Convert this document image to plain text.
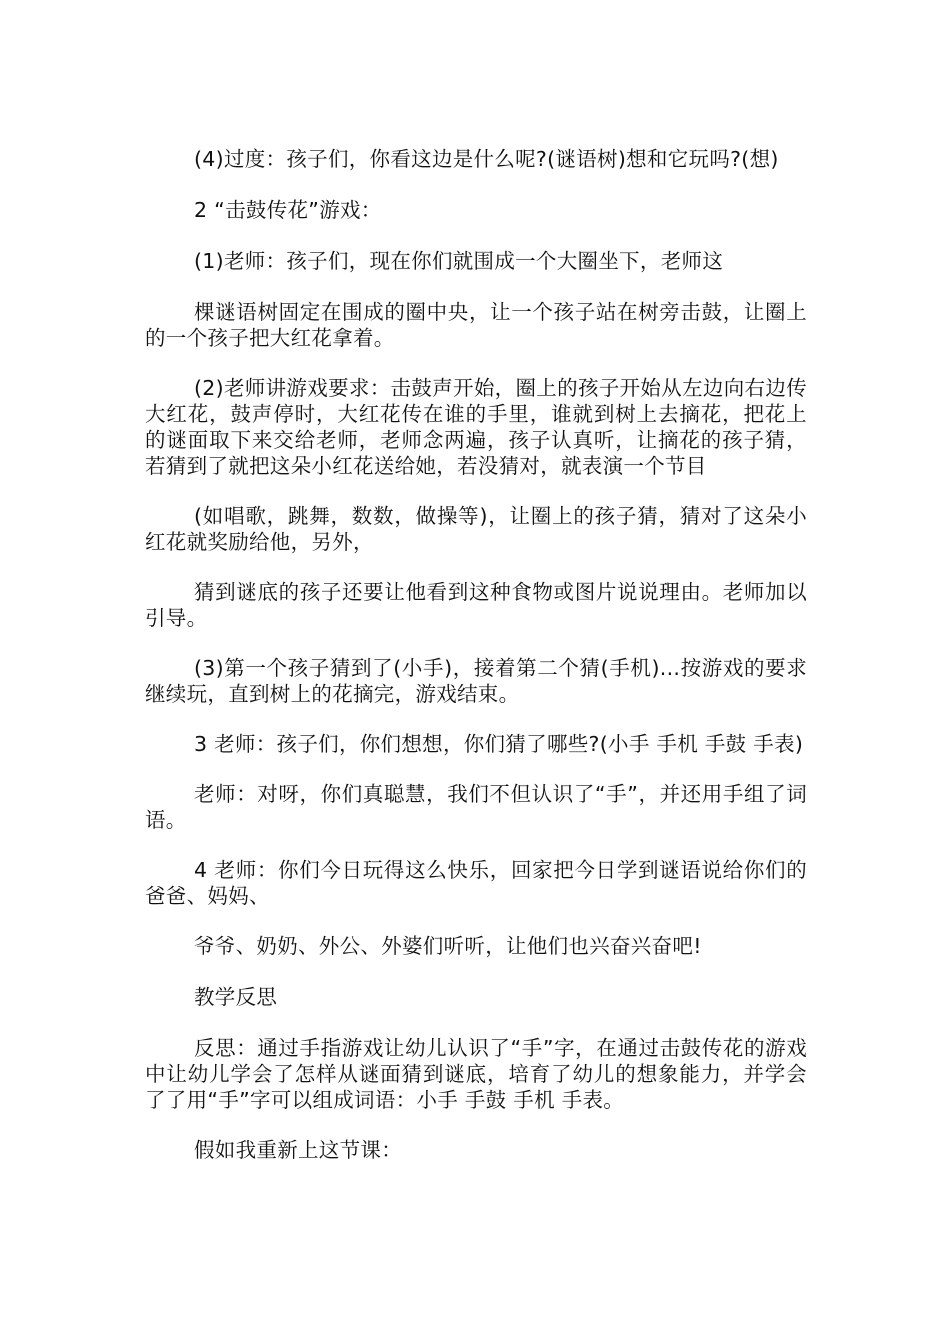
(4)过度：孩子们，你看这边是什么呢?(谜语树)想和它玩吗?(想)

2 “击鼓传花”游戏：

(1)老师：孩子们，现在你们就围成一个大圈坐下，老师这

棵谜语树固定在围成的圈中央，让一个孩子站在树旁击鼓，让圈上的一个孩子把大红花拿着。

(2)老师讲游戏要求：击鼓声开始，圈上的孩子开始从左边向右边传大红花，鼓声停时，大红花传在谁的手里，谁就到树上去摘花，把花上的谜面取下来交给老师，老师念两遍，孩子认真听，让摘花的孩子猜，若猜到了就把这朵小红花送给她，若没猜对，就表演一个节目

(如唱歌，跳舞，数数，做操等)，让圈上的孩子猜，猜对了这朵小红花就奖励给他，另外，

猜到谜底的孩子还要让他看到这种食物或图片说说理由。老师加以引导。

(3)第一个孩子猜到了(小手)，接着第二个猜(手机)...按游戏的要求继续玩，直到树上的花摘完，游戏结束。

3 老师：孩子们，你们想想，你们猜了哪些?(小手 手机 手鼓 手表)

老师：对呀，你们真聪慧，我们不但认识了“手”，并还用手组了词语。

4 老师：你们今日玩得这么快乐，回家把今日学到谜语说给你们的爸爸、妈妈、

爷爷、奶奶、外公、外婆们听听，让他们也兴奋兴奋吧!

教学反思

反思：通过手指游戏让幼儿认识了“手”字，在通过击鼓传花的游戏中让幼儿学会了怎样从谜面猜到谜底，培育了幼儿的想象能力，并学会了了用“手”字可以组成词语：小手 手鼓 手机 手表。

假如我重新上这节课：
